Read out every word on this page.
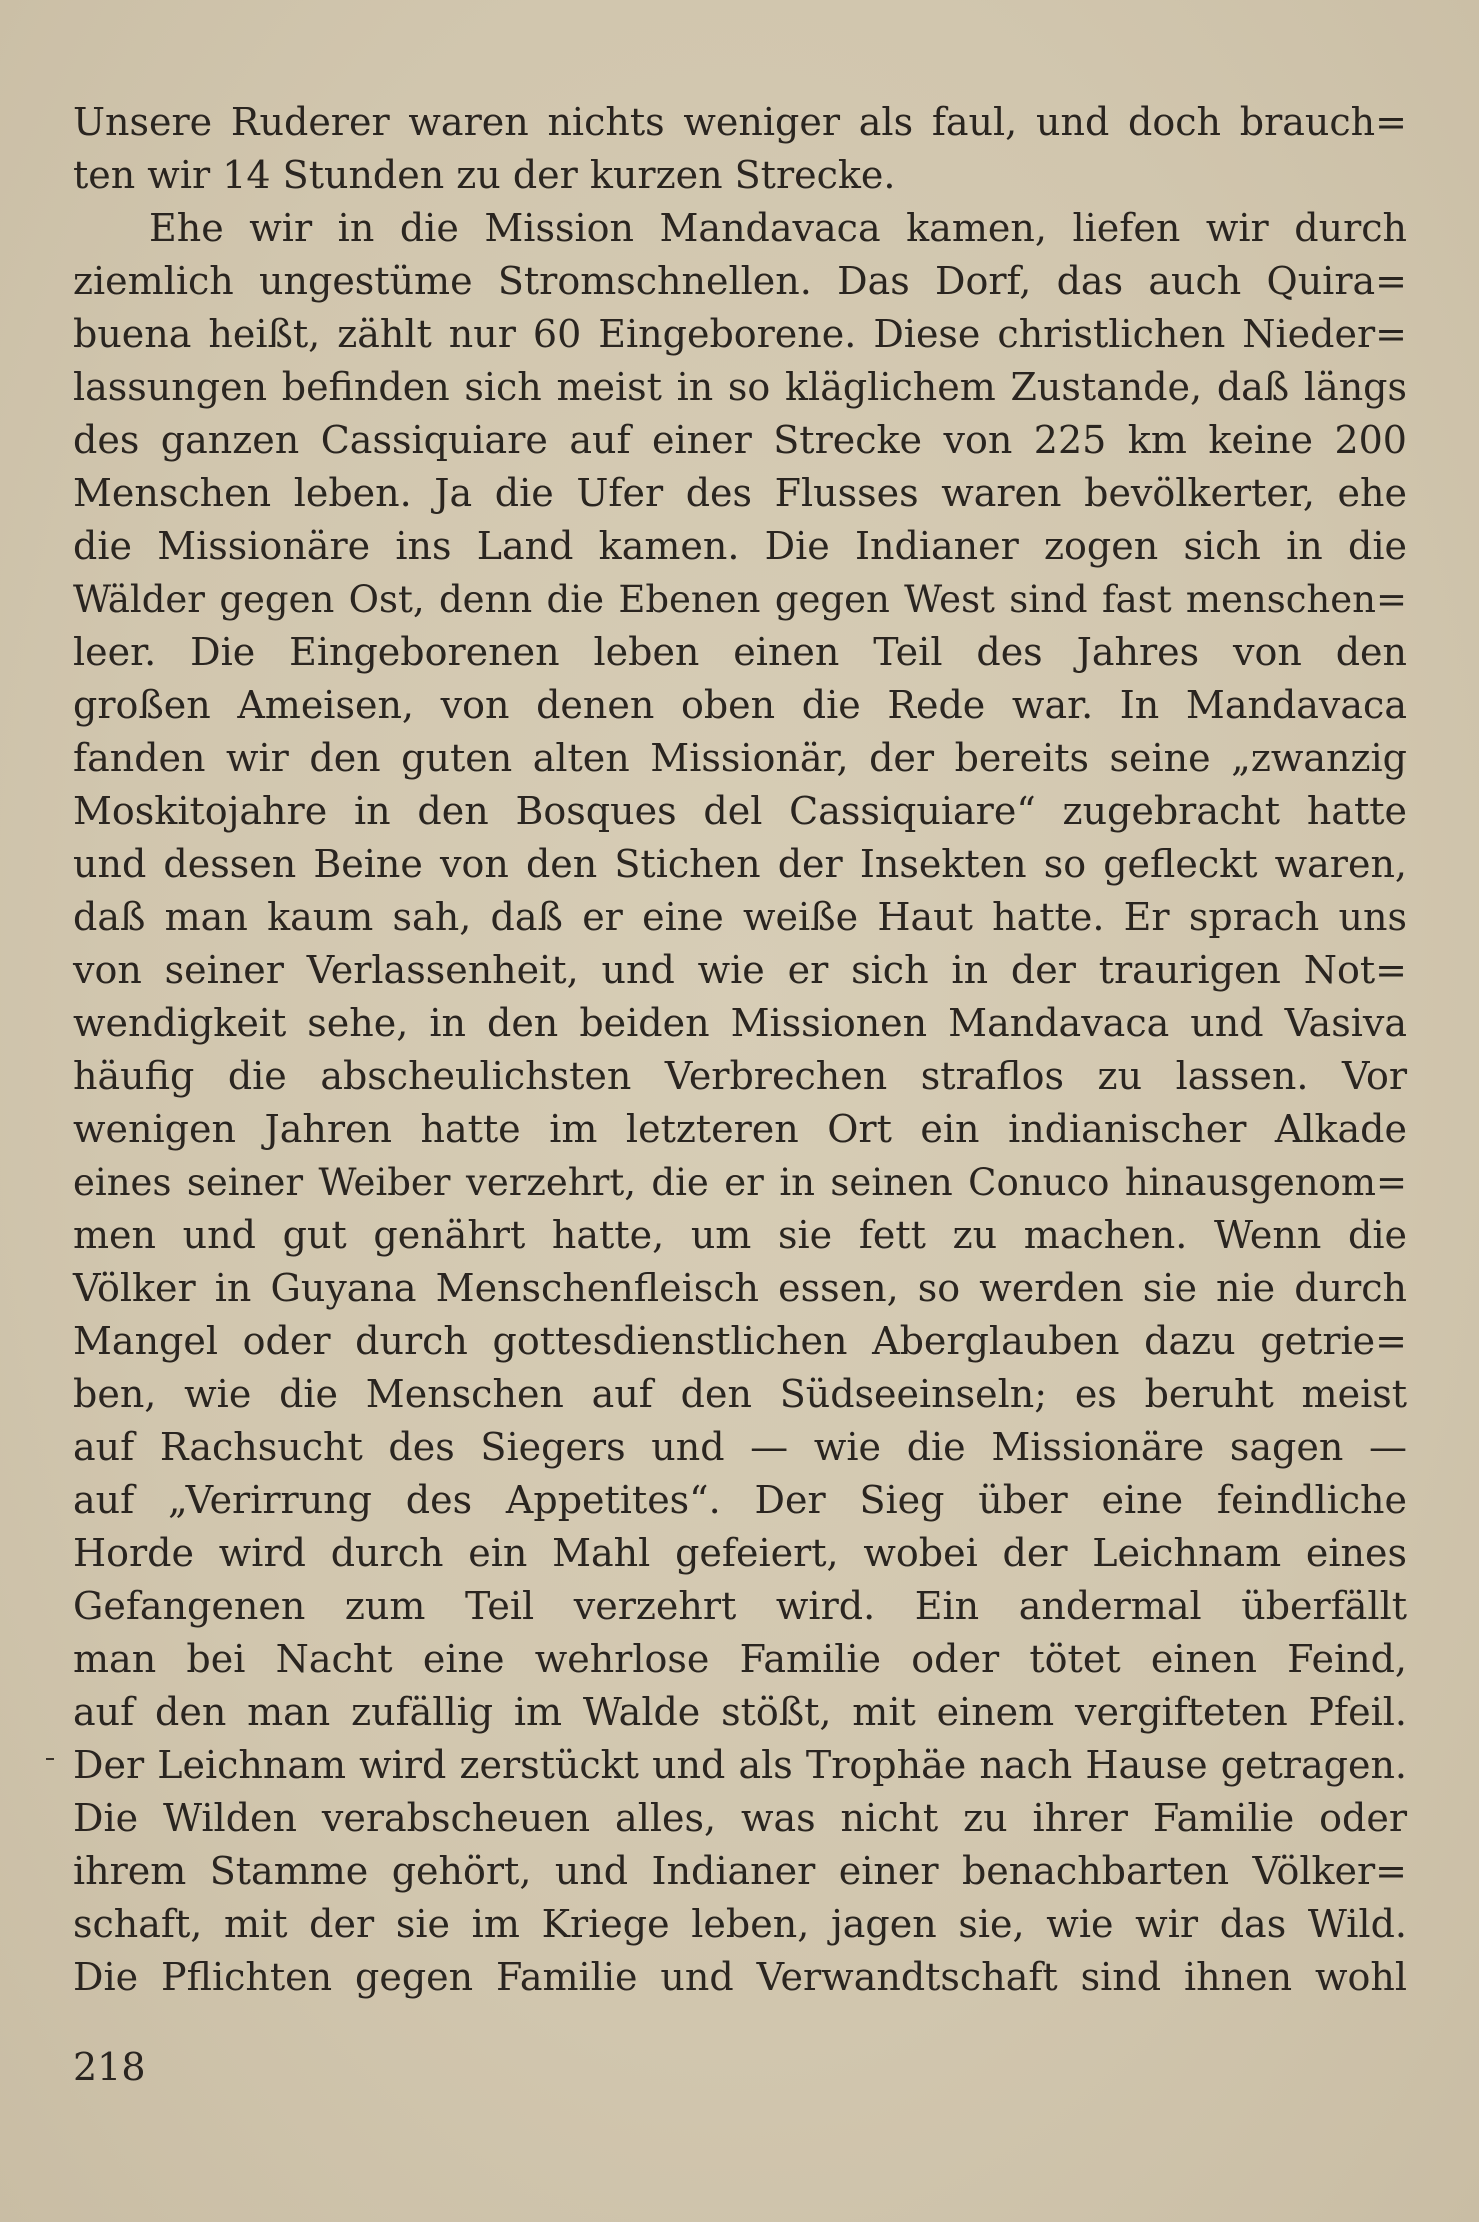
Unsere Ruderer waren nichts weniger als faul, und doch brauch=
ten wir 14 Stunden zu der kurzen Strecke.
Ehe wir in die Mission Mandavaca kamen, liefen wir durch
ziemlich ungestüme Stromschnellen. Das Dorf, das auch Quira=
buena heißt, zählt nur 60 Eingeborene. Diese christlichen Nieder=
lassungen befinden sich meist in so kläglichem Zustande, daß längs
des ganzen Cassiquiare auf einer Strecke von 225 km keine 200
Menschen leben. Ja die Ufer des Flusses waren bevölkerter, ehe
die Missionäre ins Land kamen. Die Indianer zogen sich in die
Wälder gegen Ost, denn die Ebenen gegen West sind fast menschen=
leer. Die Eingeborenen leben einen Teil des Jahres von den
großen Ameisen, von denen oben die Rede war. In Mandavaca
fanden wir den guten alten Missionär, der bereits seine „zwanzig
Moskitojahre in den Bosques del Cassiquiare“ zugebracht hatte
und dessen Beine von den Stichen der Insekten so gefleckt waren,
daß man kaum sah, daß er eine weiße Haut hatte. Er sprach uns
von seiner Verlassenheit, und wie er sich in der traurigen Not=
wendigkeit sehe, in den beiden Missionen Mandavaca und Vasiva
häufig die abscheulichsten Verbrechen straflos zu lassen. Vor
wenigen Jahren hatte im letzteren Ort ein indianischer Alkade
eines seiner Weiber verzehrt, die er in seinen Conuco hinausgenom=
men und gut genährt hatte, um sie fett zu machen. Wenn die
Völker in Guyana Menschenfleisch essen, so werden sie nie durch
Mangel oder durch gottesdienstlichen Aberglauben dazu getrie=
ben, wie die Menschen auf den Südseeinseln; es beruht meist
auf Rachsucht des Siegers und — wie die Missionäre sagen —
auf „Verirrung des Appetites“. Der Sieg über eine feindliche
Horde wird durch ein Mahl gefeiert, wobei der Leichnam eines
Gefangenen zum Teil verzehrt wird. Ein andermal überfällt
man bei Nacht eine wehrlose Familie oder tötet einen Feind,
auf den man zufällig im Walde stößt, mit einem vergifteten Pfeil.
Der Leichnam wird zerstückt und als Trophäe nach Hause getragen.
Die Wilden verabscheuen alles, was nicht zu ihrer Familie oder
ihrem Stamme gehört, und Indianer einer benachbarten Völker=
schaft, mit der sie im Kriege leben, jagen sie, wie wir das Wild.
Die Pflichten gegen Familie und Verwandtschaft sind ihnen wohl
218
